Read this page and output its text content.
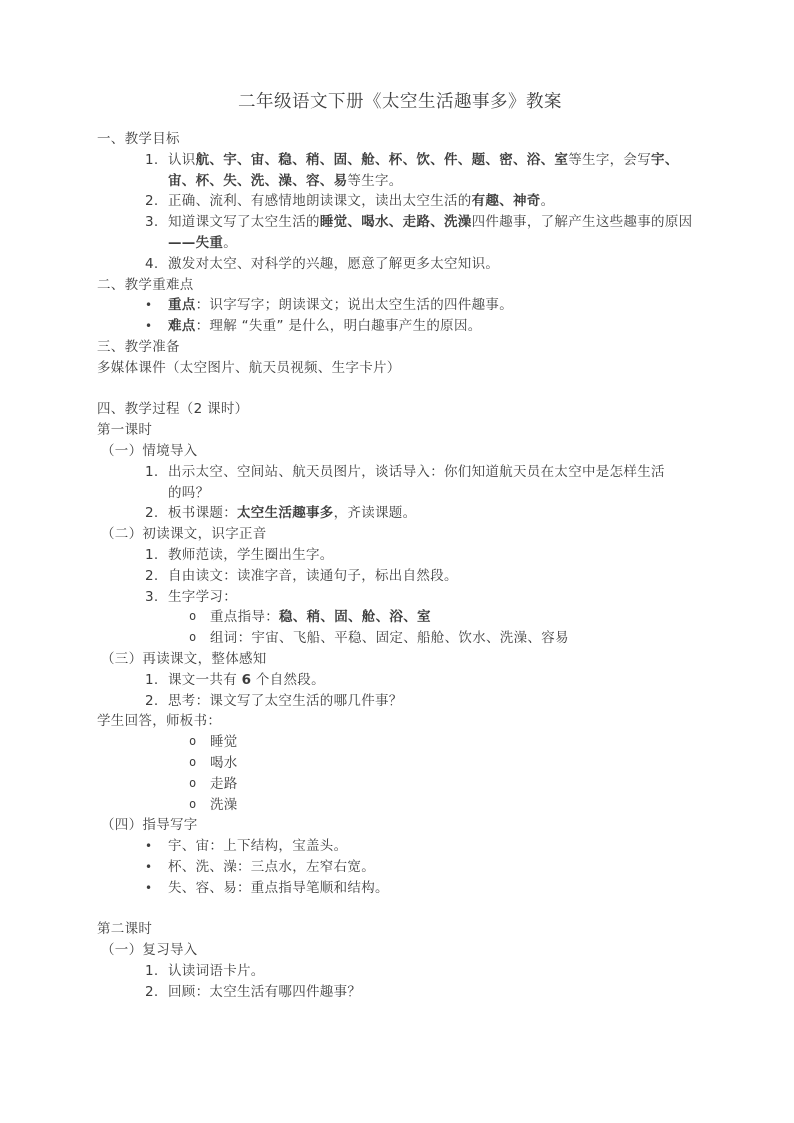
二年级语文下册《太空生活趣事多》教案
一、教学目标
1. 认识航、宇、宙、稳、稍、固、舱、杯、饮、件、题、密、浴、室等生字，会写宇、
宙、杯、失、洗、澡、容、易等生字。
2. 正确、流利、有感情地朗读课文，读出太空生活的有趣、神奇。
3. 知道课文写了太空生活的睡觉、喝水、走路、洗澡四件趣事，了解产生这些趣事的原因
——失重。
4. 激发对太空、对科学的兴趣，愿意了解更多太空知识。
二、教学重难点
• 重点：识字写字；朗读课文；说出太空生活的四件趣事。
• 难点：理解 “失重” 是什么，明白趣事产生的原因。
三、教学准备
多媒体课件（太空图片、航天员视频、生字卡片）
四、教学过程（2 课时）
第一课时
（一）情境导入
1. 出示太空、空间站、航天员图片，谈话导入：你们知道航天员在太空中是怎样生活
的吗？
2. 板书课题：太空生活趣事多，齐读课题。
（二）初读课文，识字正音
1. 教师范读，学生圈出生字。
2. 自由读文：读准字音，读通句子，标出自然段。
3. 生字学习：
o 重点指导：稳、稍、固、舱、浴、室
o 组词：宇宙、飞船、平稳、固定、船舱、饮水、洗澡、容易
（三）再读课文，整体感知
1. 课文一共有 6 个自然段。
2. 思考：课文写了太空生活的哪几件事？
学生回答，师板书：
o 睡觉
o 喝水
o 走路
o 洗澡
（四）指导写字
• 宇、宙：上下结构，宝盖头。
• 杯、洗、澡：三点水，左窄右宽。
• 失、容、易：重点指导笔顺和结构。
第二课时
（一）复习导入
1. 认读词语卡片。
2. 回顾：太空生活有哪四件趣事？
